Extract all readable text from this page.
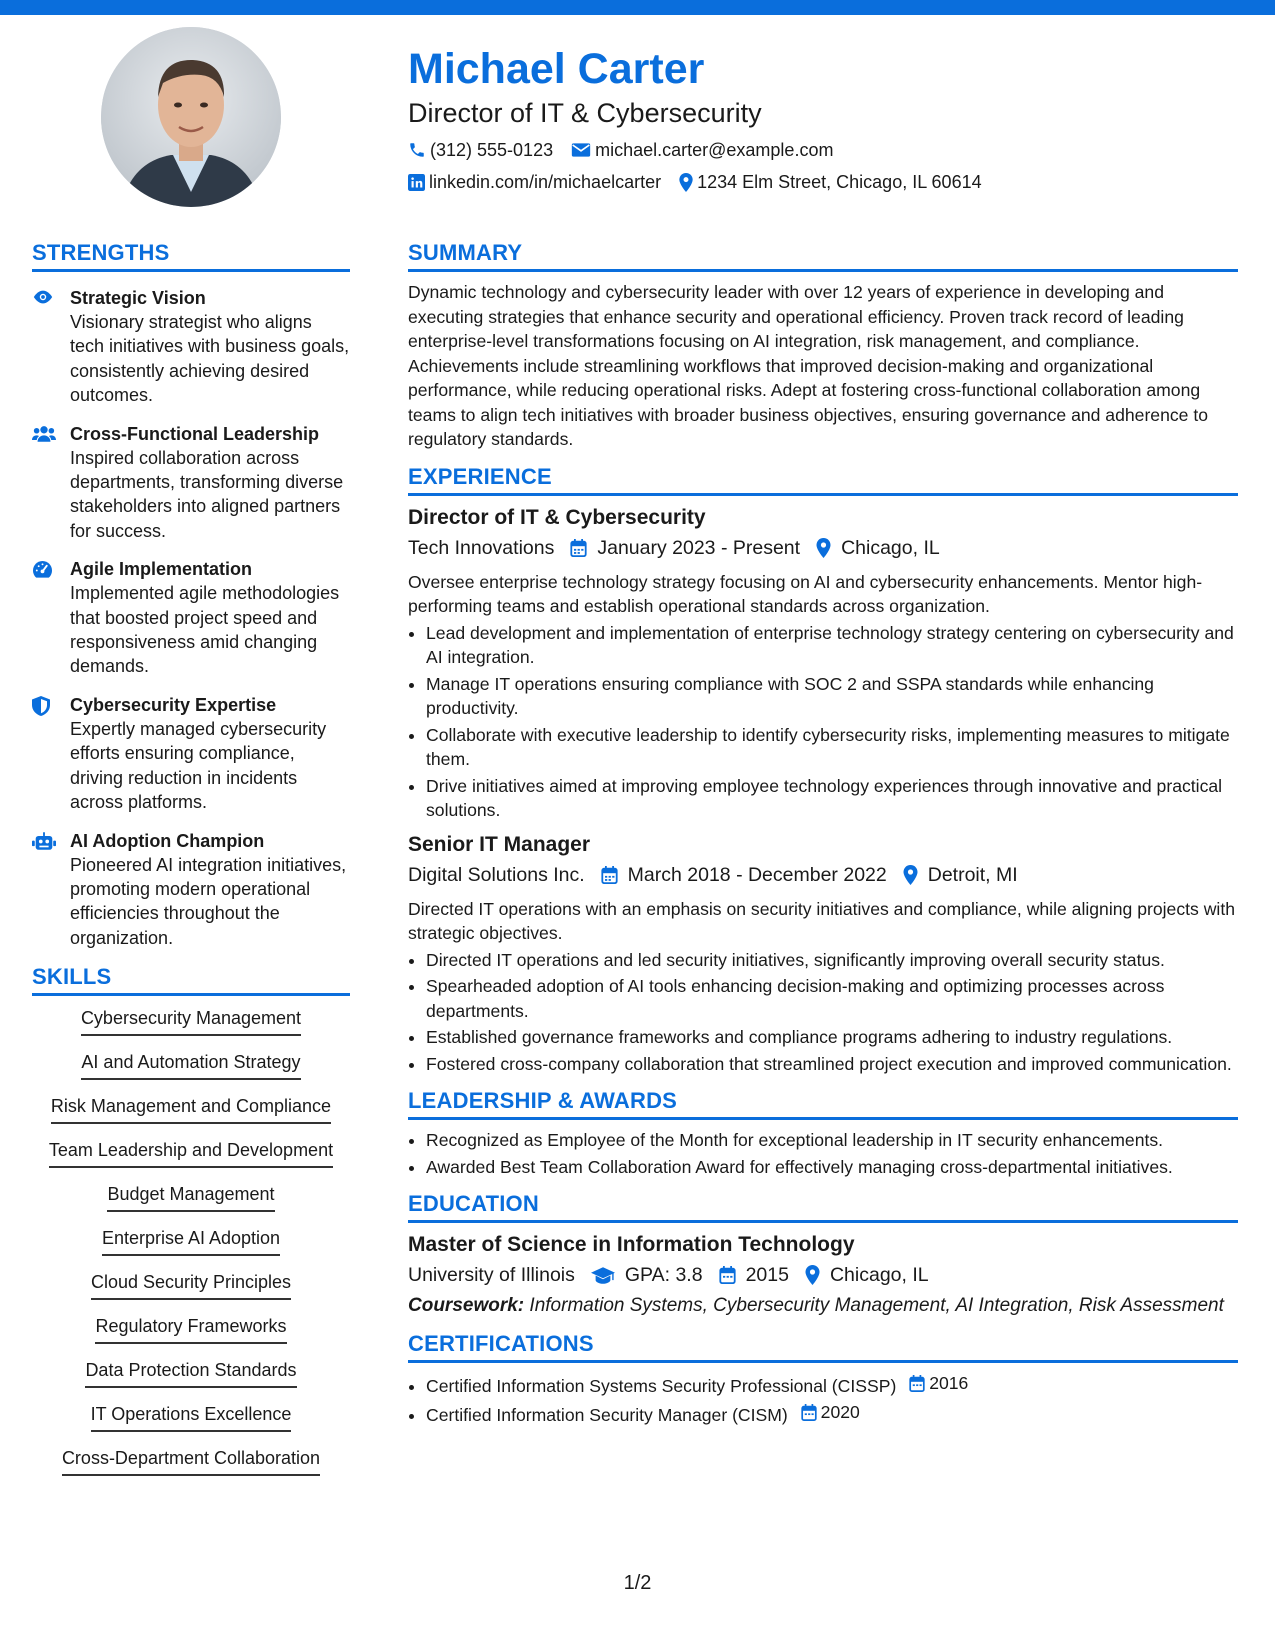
Michael Carter
Director of IT & Cybersecurity
(312) 555-0123 michael.carter@example.com
linkedin.com/in/michaelcarter 1234 Elm Street, Chicago, IL 60614
STRENGTHS
Strategic Vision
Visionary strategist who aligns tech initiatives with business goals, consistently achieving desired outcomes.
Cross-Functional Leadership
Inspired collaboration across departments, transforming diverse stakeholders into aligned partners for success.
Agile Implementation
Implemented agile methodologies that boosted project speed and responsiveness amid changing demands.
Cybersecurity Expertise
Expertly managed cybersecurity efforts ensuring compliance, driving reduction in incidents across platforms.
AI Adoption Champion
Pioneered AI integration initiatives, promoting modern operational efficiencies throughout the organization.
SKILLS
Cybersecurity Management
AI and Automation Strategy
Risk Management and Compliance
Team Leadership and Development
Budget Management
Enterprise AI Adoption
Cloud Security Principles
Regulatory Frameworks
Data Protection Standards
IT Operations Excellence
Cross-Department Collaboration
SUMMARY

Dynamic technology and cybersecurity leader with over 12 years of experience in developing and executing strategies that enhance security and operational efficiency. Proven track record of leading enterprise-level transformations focusing on AI integration, risk management, and compliance. Achievements include streamlining workflows that improved decision-making and organizational performance, while reducing operational risks. Adept at fostering cross-functional collaboration among teams to align tech initiatives with broader business objectives, ensuring governance and adherence to regulatory standards.

EXPERIENCE
Director of IT & Cybersecurity
Tech Innovations January 2023 - Present Chicago, IL

Oversee enterprise technology strategy focusing on AI and cybersecurity enhancements. Mentor high-performing teams and establish operational standards across organization.

• Lead development and implementation of enterprise technology strategy centering on cybersecurity and AI integration.
• Manage IT operations ensuring compliance with SOC 2 and SSPA standards while enhancing productivity.
• Collaborate with executive leadership to identify cybersecurity risks, implementing measures to mitigate them.
• Drive initiatives aimed at improving employee technology experiences through innovative and practical solutions.
Senior IT Manager
Digital Solutions Inc. March 2018 - December 2022 Detroit, MI

Directed IT operations with an emphasis on security initiatives and compliance, while aligning projects with strategic objectives.

• Directed IT operations and led security initiatives, significantly improving overall security status.
• Spearheaded adoption of AI tools enhancing decision-making and optimizing processes across departments.
• Established governance frameworks and compliance programs adhering to industry regulations.
• Fostered cross-company collaboration that streamlined project execution and improved communication.
LEADERSHIP & AWARDS
• Recognized as Employee of the Month for exceptional leadership in IT security enhancements.
• Awarded Best Team Collaboration Award for effectively managing cross-departmental initiatives.
EDUCATION
Master of Science in Information Technology
University of Illinois	GPA: 3.8 2015 Chicago, IL
Coursework: Information Systems, Cybersecurity Management, AI Integration, Risk Assessment
CERTIFICATIONS
• Certified Information Systems Security Professional (CISSP) 2016
• Certified Information Security Manager (CISM) 2020
1/2
